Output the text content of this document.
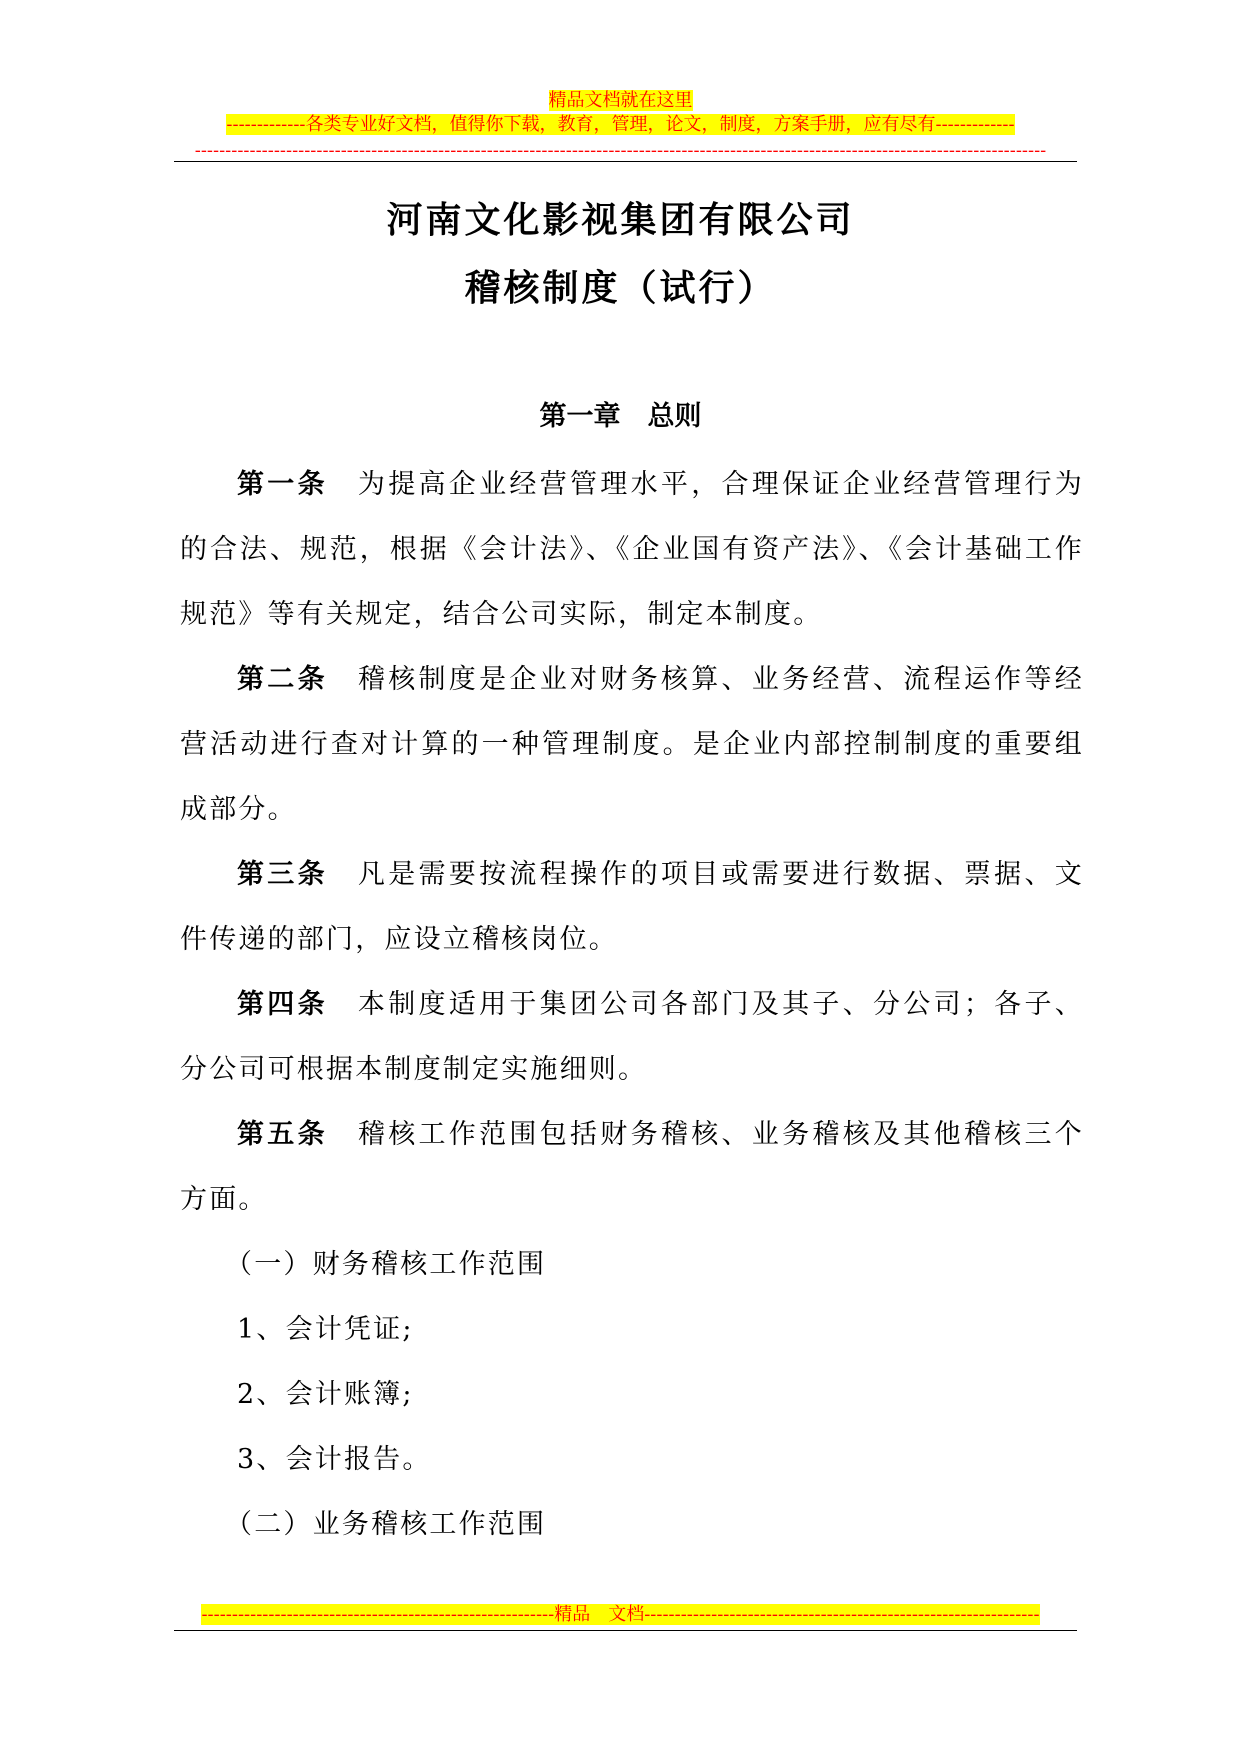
精品文档就在这里
-------------各类专业好文档，值得你下载，教育，管理，论文，制度，方案手册，应有尽有-------------
--------------------------------------------------------------------------------------------------------------------------------------------
河南文化影视集团有限公司
稽核制度（试行）
第一章　总则

第一条 为提高企业经营管理水平，合理保证企业经营管理行为的合法、规范，根据《会计法》、《企业国有资产法》、《会计基础工作规范》等有关规定，结合公司实际，制定本制度。

第二条 稽核制度是企业对财务核算、业务经营、流程运作等经营活动进行查对计算的一种管理制度。是企业内部控制制度的重要组成部分。

第三条 凡是需要按流程操作的项目或需要进行数据、票据、文件传递的部门，应设立稽核岗位。

第四条 本制度适用于集团公司各部门及其子、分公司；各子、分公司可根据本制度制定实施细则。

第五条 稽核工作范围包括财务稽核、业务稽核及其他稽核三个方面。

（一）财务稽核工作范围
1、会计凭证;
2、会计账簿;
3、会计报告。
（二）业务稽核工作范围
----------------------------------------------------------精品　文档-----------------------------------------------------------------
